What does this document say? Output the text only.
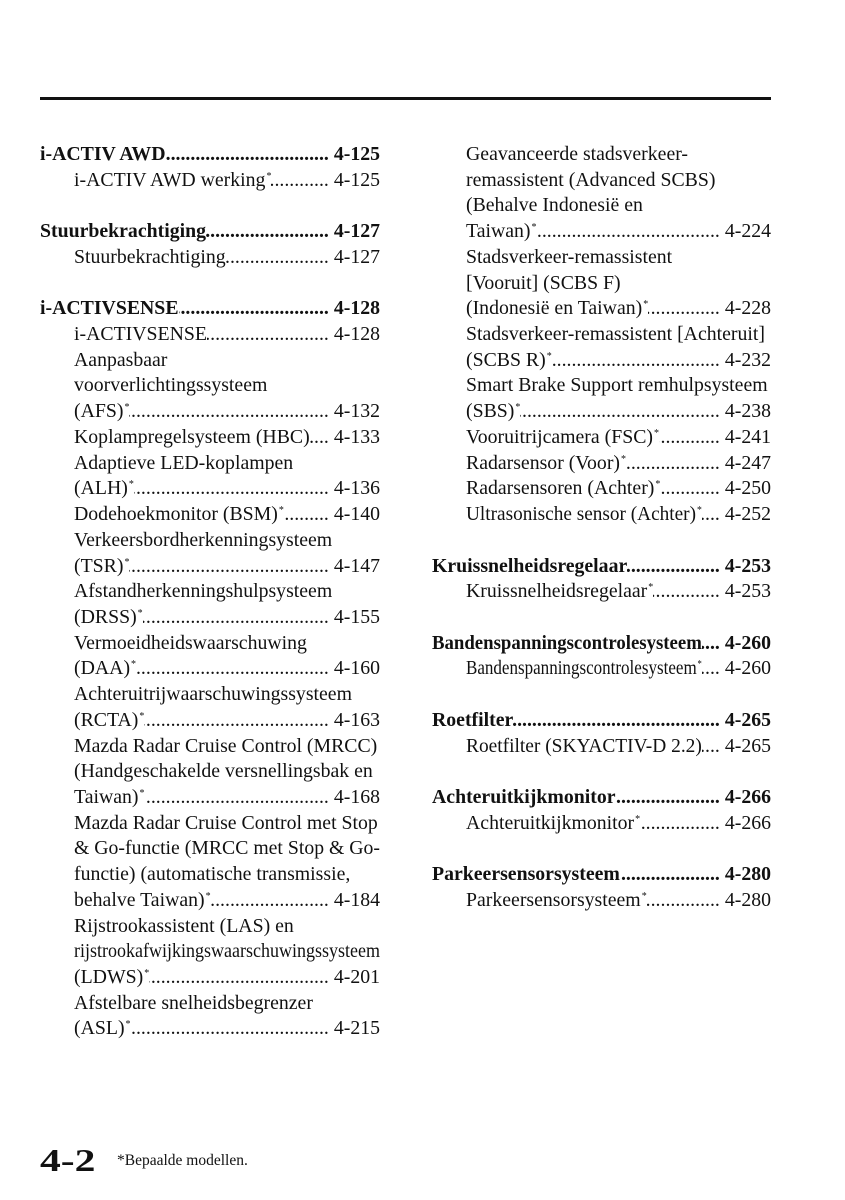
i-ACTIV AWD .....	4-125
i-ACTIV AWD werking* .....	4-125
Stuurbekrachtiging .....	4-127
Stuurbekrachtiging .....	4-127
i-ACTIVSENSE .....	4-128
i-ACTIVSENSE .....	4-128
Aanpasbaar
voorverlichtingssysteem
(AFS)* .....	4-132
Koplampregelsysteem (HBC) ..... 4-133
Adaptieve LED-koplampen
(ALH)* .....	4-136
Dodehoekmonitor (BSM)* .....	4-140
Verkeersbordherkenningsysteem
(TSR)* .....	4-147
Afstandherkenningshulpsysteem
(DRSS)* .....	4-155
Vermoeidheidswaarschuwing
(DAA)* .....	4-160
Achteruitrijwaarschuwingssysteem
(RCTA)* .....	4-163
Mazda Radar Cruise Control (MRCC)
(Handgeschakelde versnellingsbak en
Taiwan)* .....	4-168
Mazda Radar Cruise Control met Stop
& Go-functie (MRCC met Stop & Go-
functie) (automatische transmissie,
behalve Taiwan)* .....	4-184
Rijstrookassistent (LAS) en
rijstrookafwijkingswaarschuwingssysteem
(LDWS)* .....	4-201
Afstelbare snelheidsbegrenzer
(ASL)* .....	4-215
Geavanceerde stadsverkeer-
remassistent (Advanced SCBS)
(Behalve Indonesië en
Taiwan)* .....	4-224
Stadsverkeer-remassistent
[Vooruit] (SCBS F)
(Indonesië en Taiwan)* .....	4-228
Stadsverkeer-remassistent [Achteruit]
(SCBS R)* .....	4-232
Smart Brake Support remhulpsysteem
(SBS)* .....	4-238
Vooruitrijcamera (FSC)* .....	4-241
Radarsensor (Voor)* .....	4-247
Radarsensoren (Achter)* .....	4-250
Ultrasonische sensor (Achter)* ..... 4-252
Kruissnelheidsregelaar .....	4-253
Kruissnelheidsregelaar* .....	4-253
Bandenspanningscontrolesysteem ..... 4-260
Bandenspanningscontrolesysteem* ..... 4-260
Roetfilter .....	4-265
Roetfilter (SKYACTIV-D 2.2) ..... 4-265
Achteruitkijkmonitor .....	4-266
Achteruitkijkmonitor* .....	4-266
Parkeersensorsysteem .....	4-280
Parkeersensorsysteem* .....	4-280
4-2 *Bepaalde modellen.
